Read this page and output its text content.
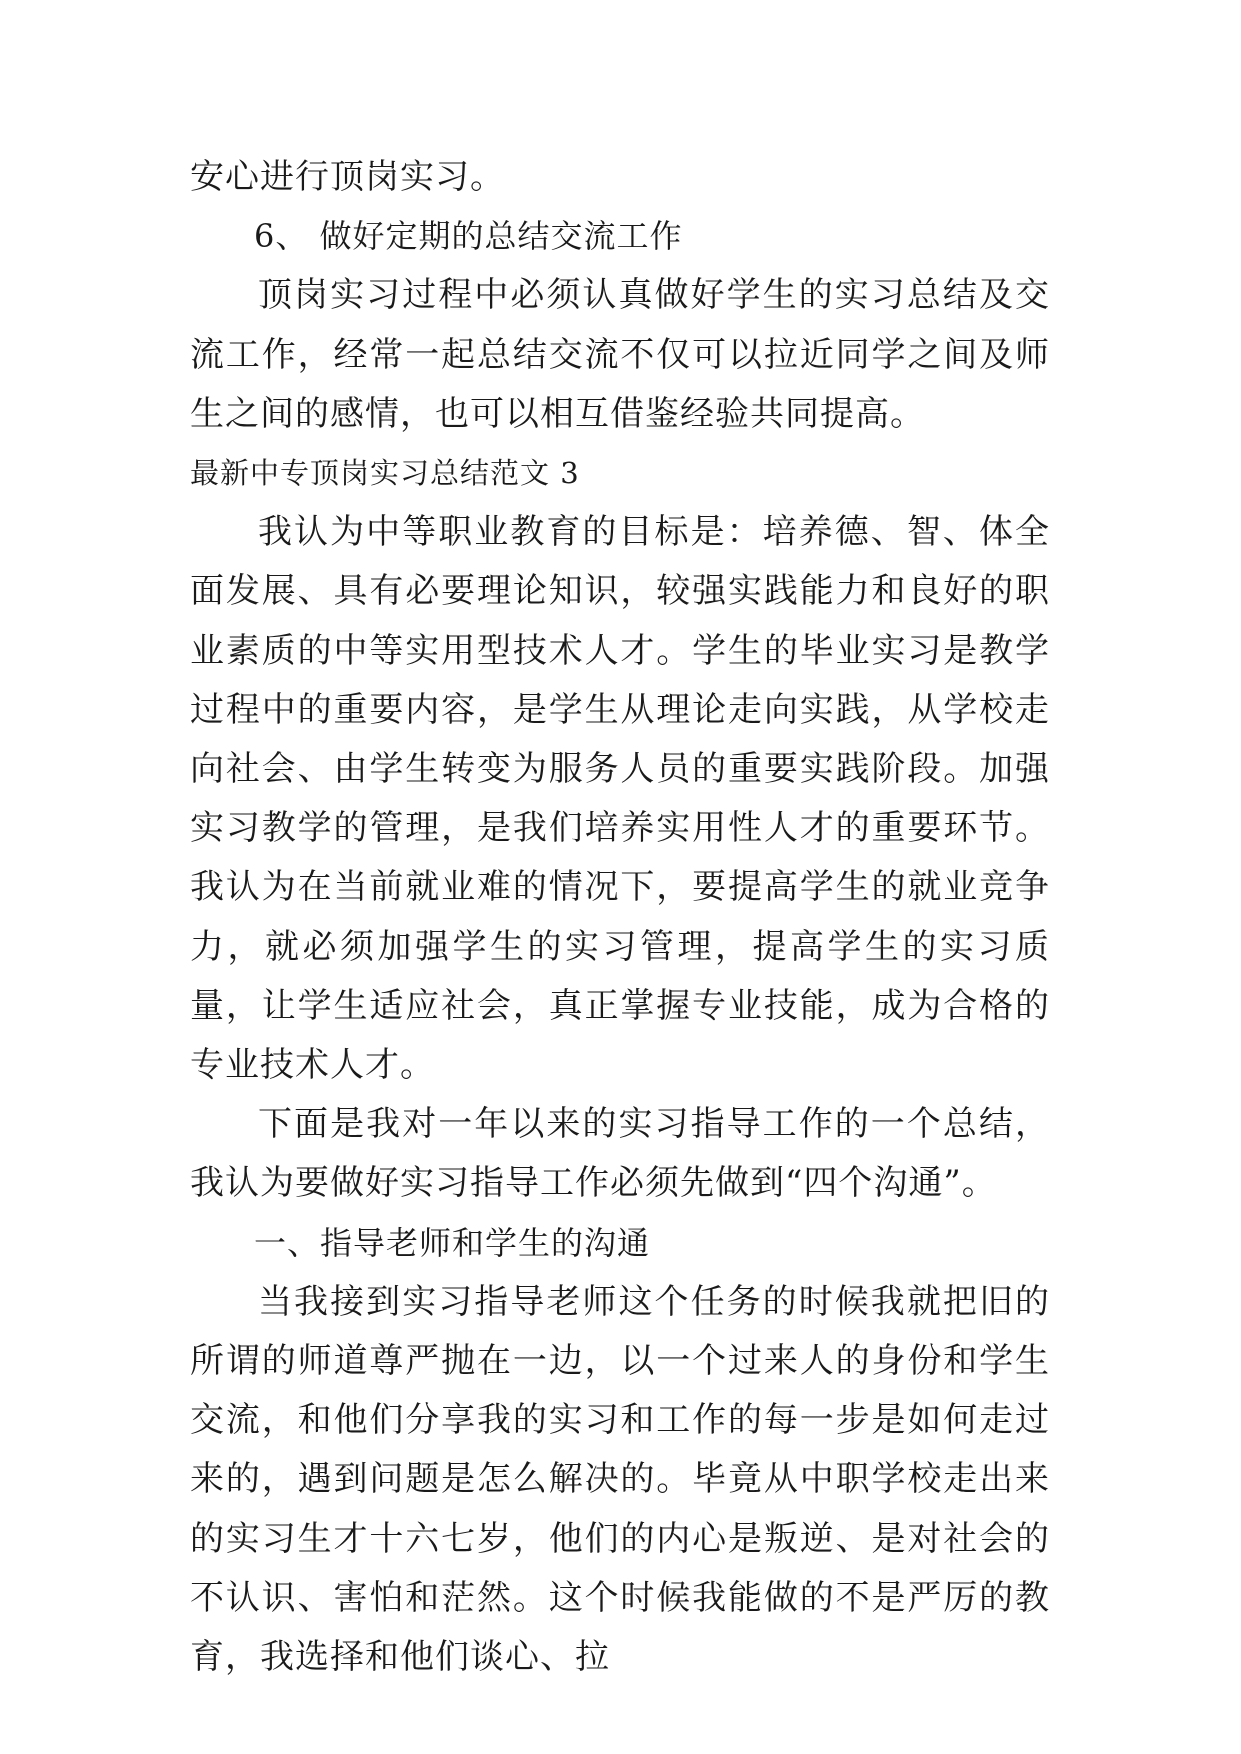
安心进行顶岗实习。

6、 做好定期的总结交流工作

顶岗实习过程中必须认真做好学生的实习总结及交流工作，经常一起总结交流不仅可以拉近同学之间及师生之间的感情，也可以相互借鉴经验共同提高。

最新中专顶岗实习总结范文 3

我认为中等职业教育的目标是：培养德、智、体全面发展、具有必要理论知识，较强实践能力和良好的职业素质的中等实用型技术人才。学生的毕业实习是教学过程中的重要内容，是学生从理论走向实践，从学校走向社会、由学生转变为服务人员的重要实践阶段。加强实习教学的管理，是我们培养实用性人才的重要环节。我认为在当前就业难的情况下，要提高学生的就业竞争力，就必须加强学生的实习管理，提高学生的实习质量，让学生适应社会，真正掌握专业技能，成为合格的专业技术人才。

下面是我对一年以来的实习指导工作的一个总结，我认为要做好实习指导工作必须先做到“四个沟通”。

一、指导老师和学生的沟通

当我接到实习指导老师这个任务的时候我就把旧的所谓的师道尊严抛在一边，以一个过来人的身份和学生交流，和他们分享我的实习和工作的每一步是如何走过来的，遇到问题是怎么解决的。毕竟从中职学校走出来的实习生才十六七岁，他们的内心是叛逆、是对社会的不认识、害怕和茫然。这个时候我能做的不是严厉的教育，我选择和他们谈心、拉
